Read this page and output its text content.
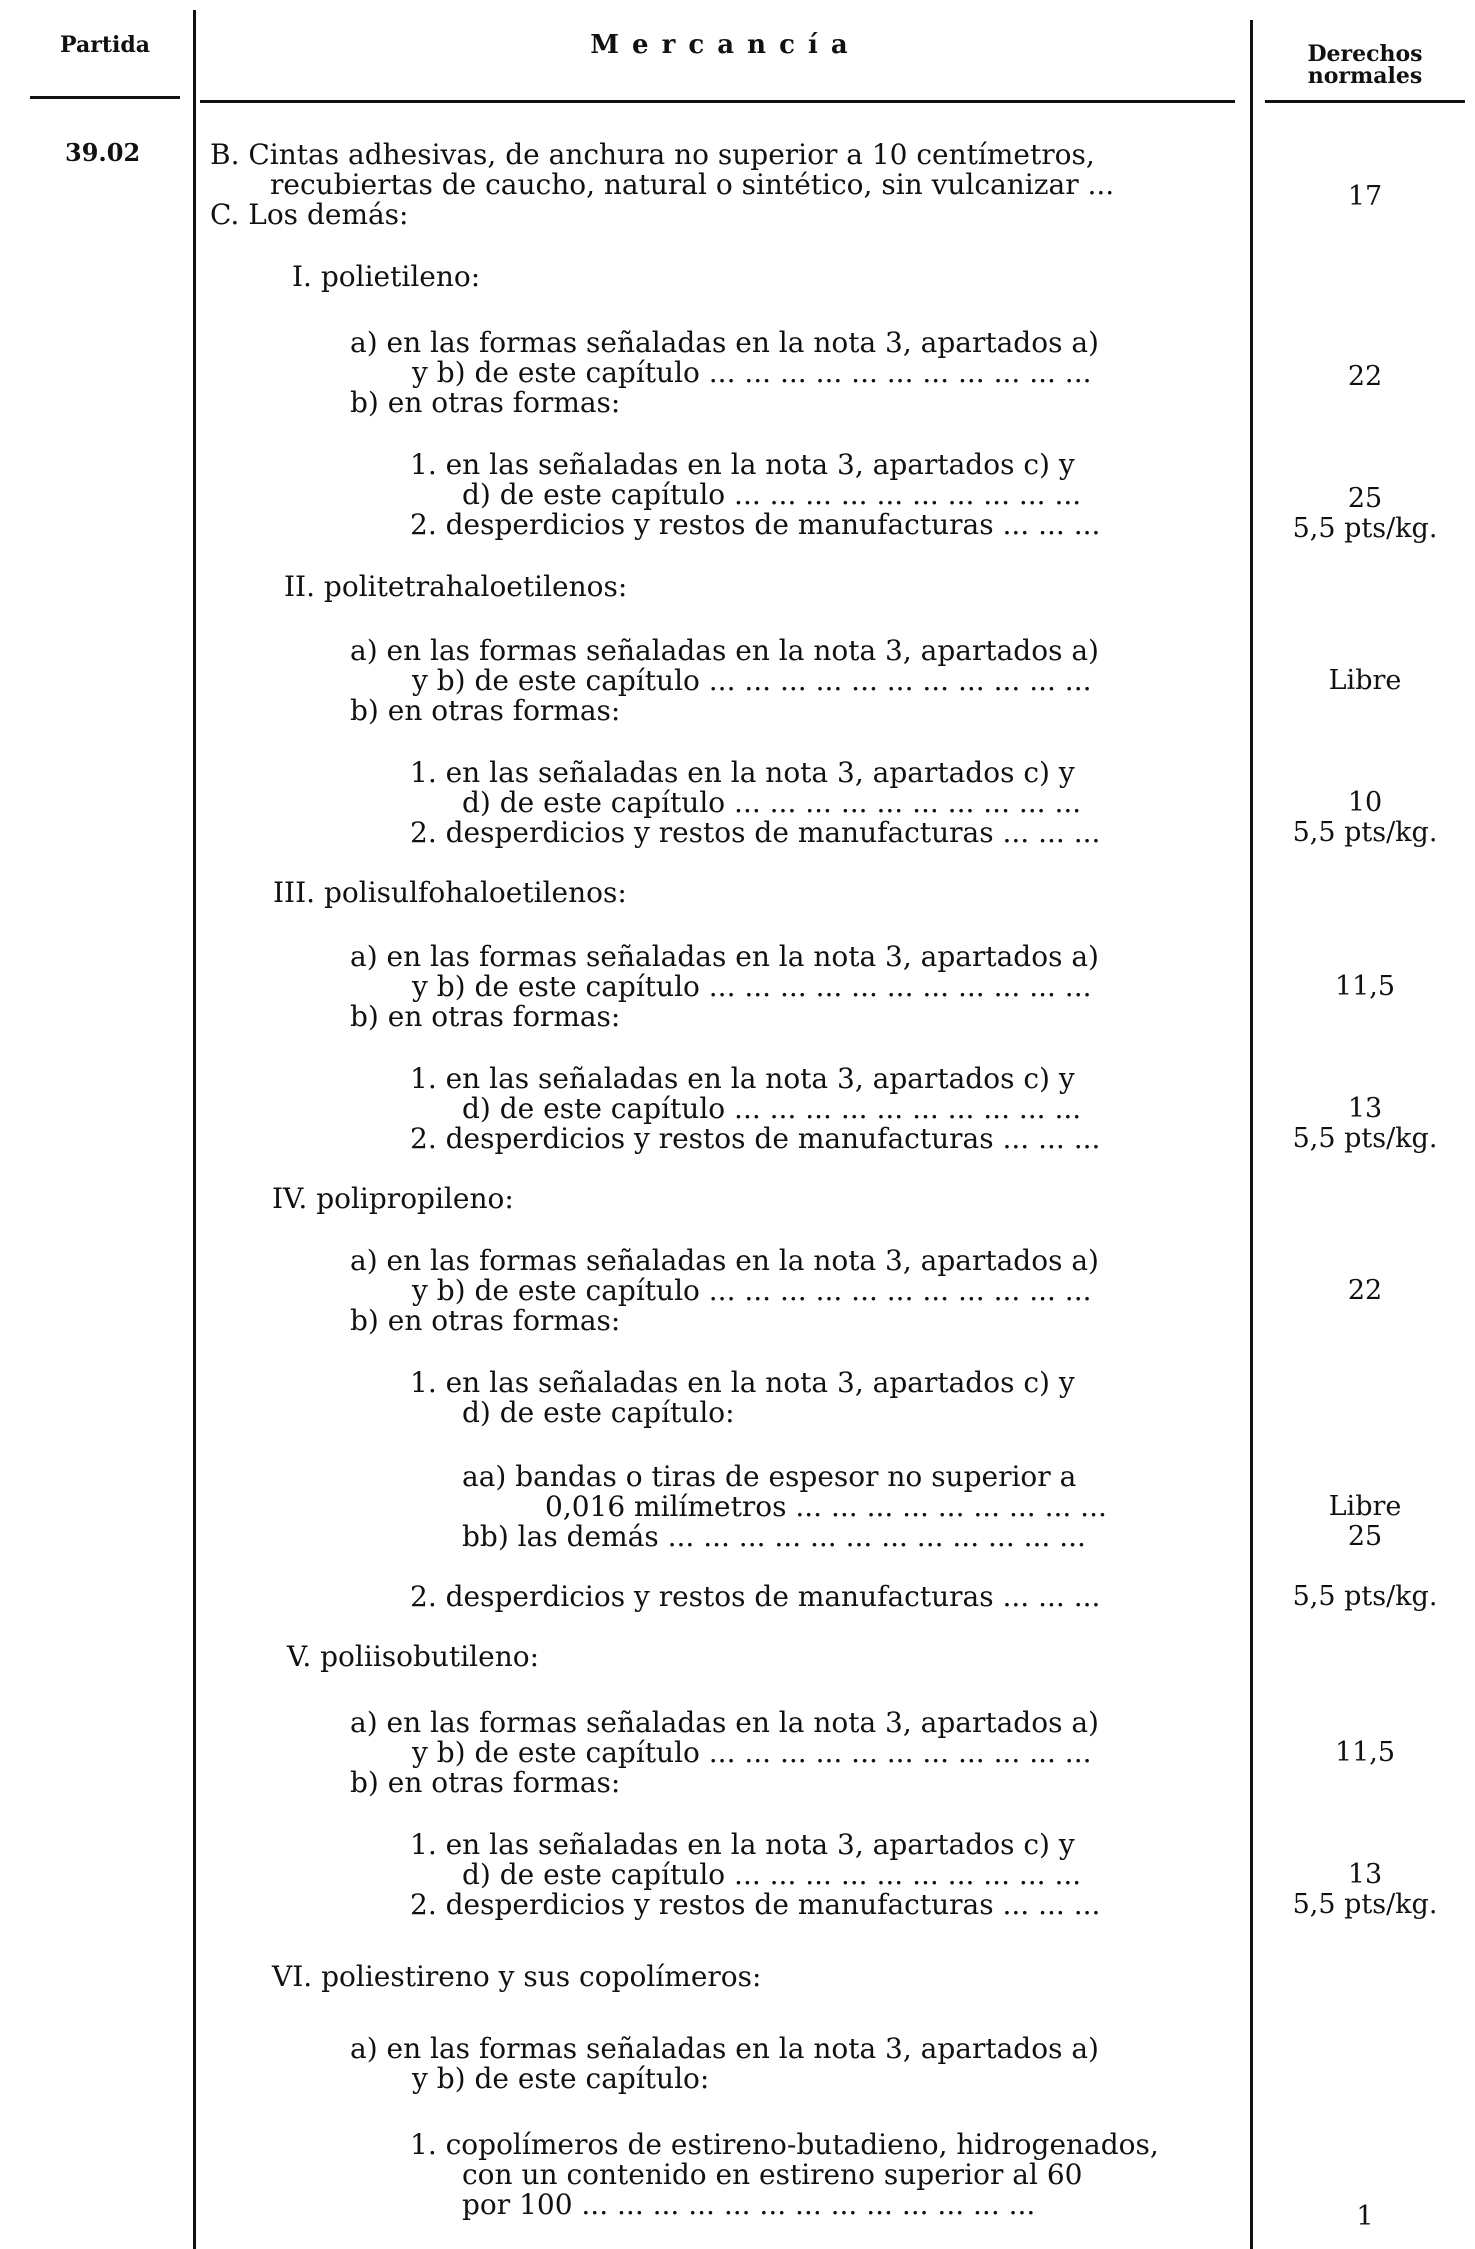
Partida	M e r c a n c í a	Derechos
normales
39.02 B. Cintas adhesivas, de anchura no superior a 10 centímetros,
recubiertas de caucho, natural o sintético, sin vulcanizar ...
C. Los demás:
I. polietileno:
a) en las formas señaladas en la nota 3, apartados a)
y b) de este capítulo ... ... ... ... ... ... ... ... ... ... ...
b) en otras formas:
1. en las señaladas en la nota 3, apartados c) y
d) de este capítulo ... ... ... ... ... ... ... ... ... ...
2. desperdicios y restos de manufacturas ... ... ...
II. politetrahaloetilenos:
a) en las formas señaladas en la nota 3, apartados a)
y b) de este capítulo ... ... ... ... ... ... ... ... ... ... ...
b) en otras formas:
1. en las señaladas en la nota 3, apartados c) y
d) de este capítulo ... ... ... ... ... ... ... ... ... ...
2. desperdicios y restos de manufacturas ... ... ...
III. polisulfohaloetilenos:
a) en las formas señaladas en la nota 3, apartados a)
y b) de este capítulo ... ... ... ... ... ... ... ... ... ... ...
b) en otras formas:
1. en las señaladas en la nota 3, apartados c) y
d) de este capítulo ... ... ... ... ... ... ... ... ... ...
2. desperdicios y restos de manufacturas ... ... ...
IV. polipropileno:
a) en las formas señaladas en la nota 3, apartados a)
y b) de este capítulo ... ... ... ... ... ... ... ... ... ... ...
b) en otras formas:
1. en las señaladas en la nota 3, apartados c) y
d) de este capítulo:
aa) bandas o tiras de espesor no superior a
0,016 milímetros ... ... ... ... ... ... ... ... ...
bb) las demás ... ... ... ... ... ... ... ... ... ... ... ...
2. desperdicios y restos de manufacturas ... ... ...
V. poliisobutileno:
a) en las formas señaladas en la nota 3, apartados a)
y b) de este capítulo ... ... ... ... ... ... ... ... ... ... ...
b) en otras formas:
1. en las señaladas en la nota 3, apartados c) y
d) de este capítulo ... ... ... ... ... ... ... ... ... ...
2. desperdicios y restos de manufacturas ... ... ...
VI. poliestireno y sus copolímeros:
a) en las formas señaladas en la nota 3, apartados a)
y b) de este capítulo:
1. copolímeros de estireno-butadieno, hidrogenados,
con un contenido en estireno superior al 60
por 100 ... ... ... ... ... ... ... ... ... ... ... ... ...
17
22
25
5,5 pts/kg.
Libre
10
5,5 pts/kg.
11,5
13
5,5 pts/kg.
22
Libre
25
5,5 pts/kg.
11,5
13
5,5 pts/kg.
1
